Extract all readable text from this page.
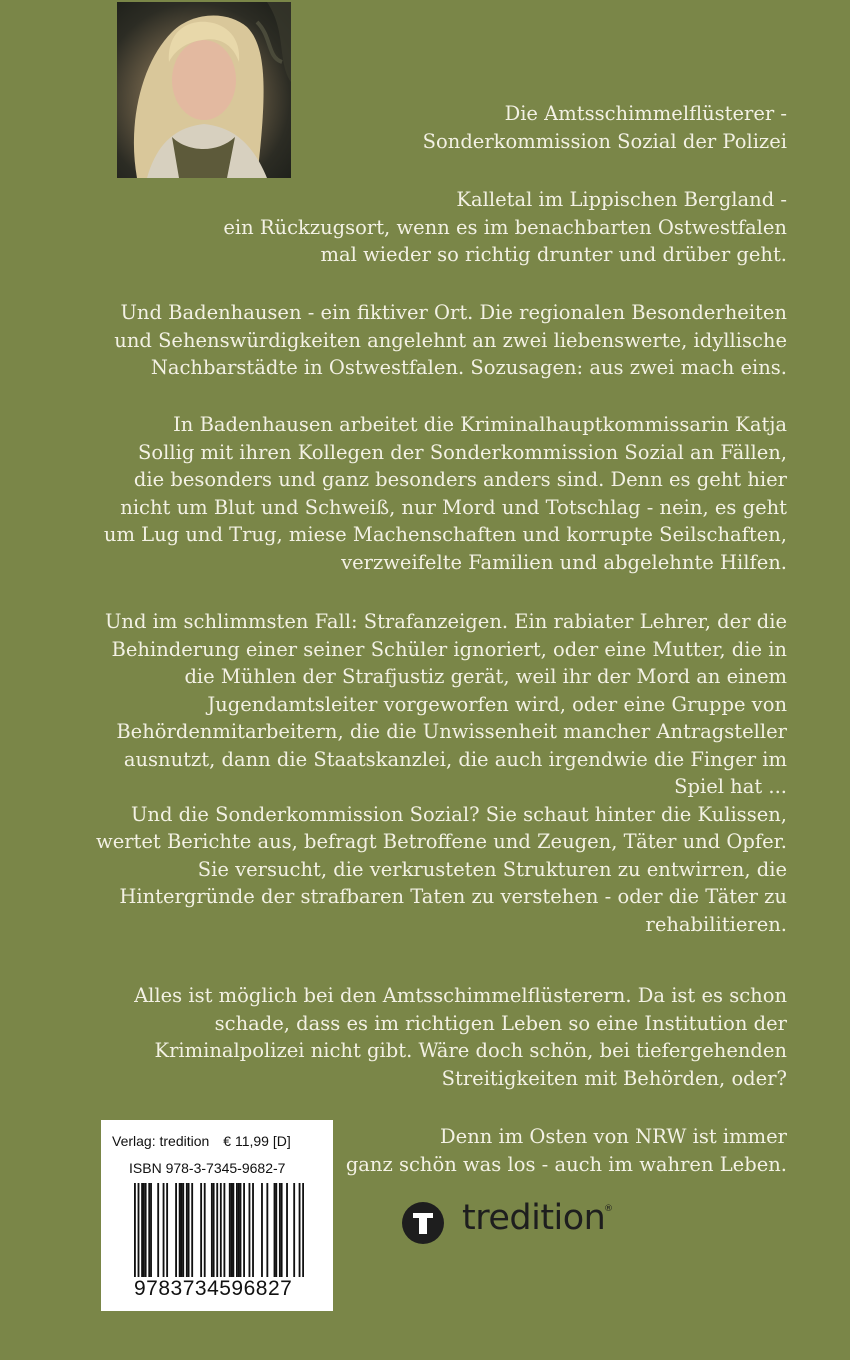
Die Amtsschimmelflüsterer -
Sonderkommission Sozial der Polizei

Kalletal im Lippischen Bergland -
ein Rückzugsort, wenn es im benachbarten Ostwestfalen
mal wieder so richtig drunter und drüber geht.

Und Badenhausen - ein fiktiver Ort. Die regionalen Besonderheiten
und Sehenswürdigkeiten angelehnt an zwei liebenswerte, idyllische
Nachbarstädte in Ostwestfalen. Sozusagen: aus zwei mach eins.

In Badenhausen arbeitet die Kriminalhauptkommissarin Katja
Sollig mit ihren Kollegen der Sonderkommission Sozial an Fällen,
die besonders und ganz besonders anders sind. Denn es geht hier
nicht um Blut und Schweiß, nur Mord und Totschlag - nein, es geht
um Lug und Trug, miese Machenschaften und korrupte Seilschaften,
verzweifelte Familien und abgelehnte Hilfen.

Und im schlimmsten Fall: Strafanzeigen. Ein rabiater Lehrer, der die
Behinderung einer seiner Schüler ignoriert, oder eine Mutter, die in
die Mühlen der Strafjustiz gerät, weil ihr der Mord an einem
Jugendamtsleiter vorgeworfen wird, oder eine Gruppe von
Behördenmitarbeitern, die die Unwissenheit mancher Antragsteller
ausnutzt, dann die Staatskanzlei, die auch irgendwie die Finger im
Spiel hat ...
Und die Sonderkommission Sozial? Sie schaut hinter die Kulissen,
wertet Berichte aus, befragt Betroffene und Zeugen, Täter und Opfer.
Sie versucht, die verkrusteten Strukturen zu entwirren, die
Hintergründe der strafbaren Taten zu verstehen - oder die Täter zu
rehabilitieren.

Alles ist möglich bei den Amtsschimmelflüsterern. Da ist es schon
schade, dass es im richtigen Leben so eine Institution der
Kriminalpolizei nicht gibt. Wäre doch schön, bei tiefergehenden
Streitigkeiten mit Behörden, oder?

Denn im Osten von NRW ist immer
ganz schön was los - auch im wahren Leben.

Verlag: tredition € 11,99 [D]
ISBN 978-3-7345-9682-7
9783734596827
tredition
®
